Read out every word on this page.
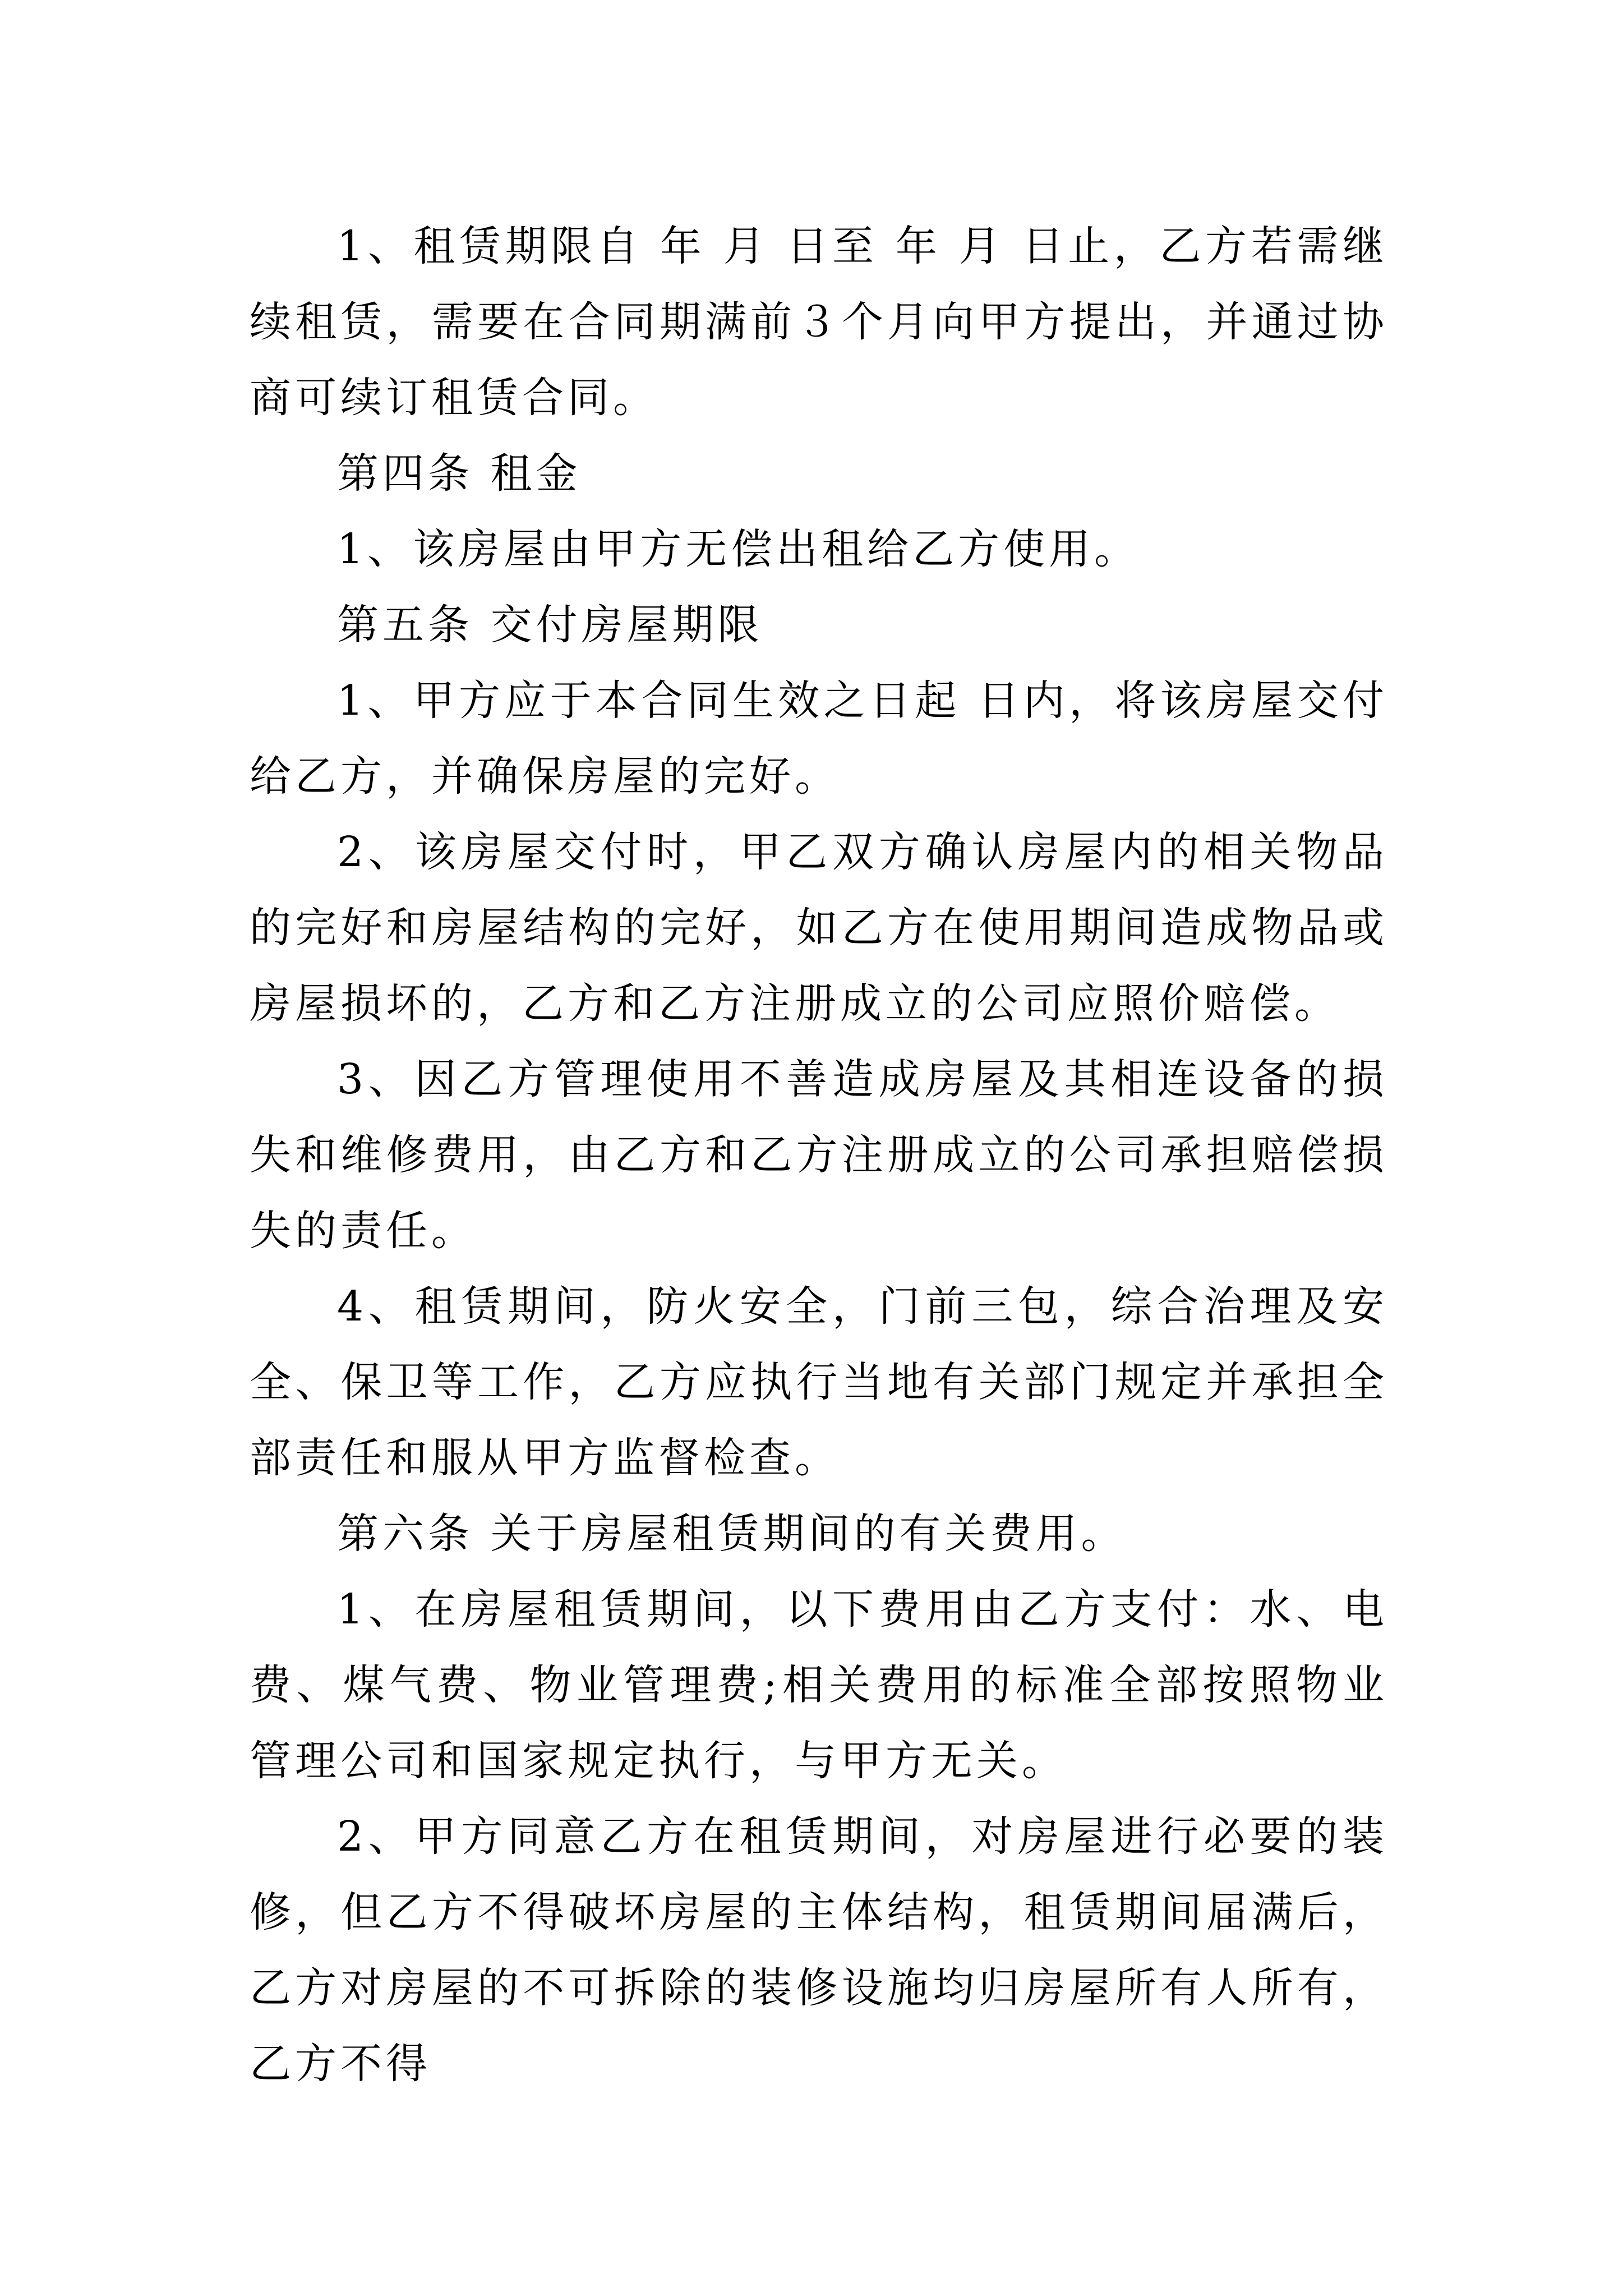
1、租赁期限自 年 月 日至 年 月 日止，乙方若需继续租赁，需要在合同期满前３个月向甲方提出，并通过协商可续订租赁合同。

第四条 租金

1、该房屋由甲方无偿出租给乙方使用。

第五条 交付房屋期限

1、甲方应于本合同生效之日起 日内，将该房屋交付给乙方，并确保房屋的完好。

2、该房屋交付时，甲乙双方确认房屋内的相关物品的完好和房屋结构的完好，如乙方在使用期间造成物品或房屋损坏的，乙方和乙方注册成立的公司应照价赔偿。

3、因乙方管理使用不善造成房屋及其相连设备的损失和维修费用，由乙方和乙方注册成立的公司承担赔偿损失的责任。

4、租赁期间，防火安全，门前三包，综合治理及安全、保卫等工作，乙方应执行当地有关部门规定并承担全部责任和服从甲方监督检查。

第六条 关于房屋租赁期间的有关费用。

1、在房屋租赁期间，以下费用由乙方支付：水、电费、煤气费、物业管理费;相关费用的标准全部按照物业管理公司和国家规定执行，与甲方无关。

2、甲方同意乙方在租赁期间，对房屋进行必要的装修，但乙方不得破坏房屋的主体结构，租赁期间届满后，乙方对房屋的不可拆除的装修设施均归房屋所有人所有，乙方不得
